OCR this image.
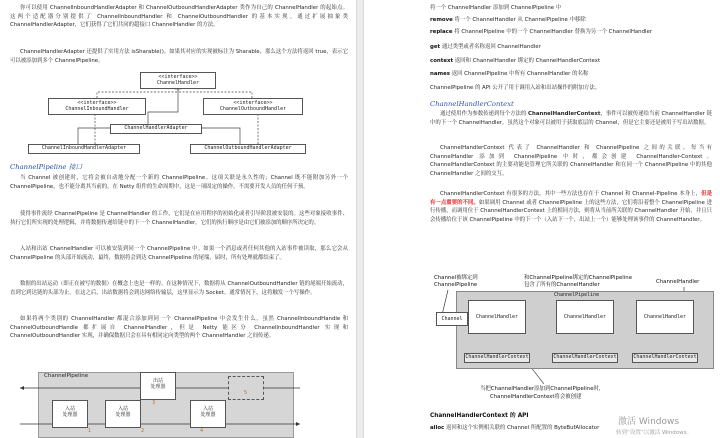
你可以使用 ChannelInboundHandlerAdapter 和 ChannelOutboundHandlerAdapter 类作为自己的 ChannelHandler 的起始点。这两个适配器分别提供了 ChannelInboundHandler 和 ChannelOutboundHandler 的基本实现。通过扩展抽象类 ChannelHandlerAdapter，它们获得了它们共同的超接口 ChannelHandler 的方法。
ChannelHandlerAdapter 还提供了实用方法 isSharable()。如果其对应的实现被标注为 Sharable，那么这个方法将返回 true，表示它可以被添加到多个 ChannelPipeline。
<<interface>>
ChannelHandler
<<interface>>
ChannelInboundHandler
<<interface>>
ChannelOutboundHandler
ChannelHandlerAdapter
ChannelInboundHandlerAdapter	ChannelOutboundHandlerAdapter
ChannelPipeline 接口
当 Channel 被创建时，它将会被自动地分配一个新的 ChannelPipeline。这项关联是永久性的；Channel 既不能附加另外一个 ChannelPipeline，也不能分离其当前的。在 Netty 组件的生命周期中，这是一项固定的操作，不需要开发人员的任何干预。
使得事件流经 ChannelPipeline 是 ChannelHandler 的工作，它们是在应用程序的初始化或者引导阶段被安装的。这些对象接收事件、执行它们所实现的处理逻辑，并将数据传递给链中的下一个 ChannelHandler。它们的执行顺序是由它们被添加的顺序所决定的。
入站和出站 ChannelHandler 可以被安装到同一个 ChannelPipeline 中。如果一个消息或者任何其他的入站事件被读取，那么它会从 ChannelPipeline 的头部开始流动，最终，数据将会到达 ChannelPipeline 的尾端，届时，所有处理就都结束了。
数据的出站运动（即正在被写的数据）在概念上也是一样的。在这种情况下，数据将从 ChannelOutboundHandler 链的尾端开始流动，直到它到达链的头部为止。在这之后，出站数据将会到达网络传输层，这里显示为 Socket。通常情况下，这将触发一个写操作。
如果将两个类别的 ChannelHandler 都混合添加到同一个 ChannelPipeline 中会发生什么。虽然 ChannelInboundHandle 和 ChannelOutboundHandle 都扩展自 ChannelHandler，但是 Netty 能区分 ChannelInboundHandler 实现和 ChannelOutboundHandler 实现，并确保数据只会在具有相同定向类型的两个 ChannelHandler 之间传递。
ChannelPipeline
出站
处理器
3
5
入站
处理器
1
入站
处理器
2
入站
处理器
4
将一个 ChannelHandler 添加到 ChannelPipeline 中
remove 将一个 ChannelHandler 从 ChannelPipeline 中移除
replace 将 ChannelPipeline 中的一个 ChannelHandler 替换为另一个 ChannelHandler
get 通过类型或者名称返回 ChannelHandler
context 返回和 ChannelHandler 绑定的 ChannelHandlerContext
names 返回 ChannelPipeline 中所有 ChannelHandler 的名称
ChannelPipeline 的 API 公开了用于调用入站和出站操作的附加方法。
ChannelHandlerContext
通过使用作为参数传递到每个方法的 ChannelHandlerContext，事件可以被传递给当前 ChannelHandler 链中的下一个 ChannelHandler。虽然这个对象可以被用于获取底层的 Channel，但是它主要还是被用于写出站数据。
ChannelHandlerContext 代表了 ChannelHandler 和 ChannelPipeline 之间的关联，每当有 ChannelHandler 添加到 ChannelPipeline 中时，都会创建 ChannelHandler-Context。ChannelHandlerContext 的主要功能是管理它所关联的 ChannelHandler 和在同一个 ChannelPipeline 中的其他 ChannelHandler 之间的交互。
ChannelHandlerContext 有很多的方法，其中一些方法也存在于 Channel 和 Channel-Pipeline 本身上，但是有一点重要的不同。如果调用 Channel 或者 ChannelPipeline 上的这些方法，它们将沿着整个 ChannelPipeline 进行传播，而调用位于 ChannelHandlerContext 上的相同方法，则将从当前所关联的 ChannelHandler 开始，并且只会传播给位于该 ChannelPipeline 中的下一个（入站下一个，出站上一个）能够处理该事件的 ChannelHandler。
Channel被绑定到
ChannelPipeline
和ChannelPipeline绑定的ChannelPipeline
包含了所有的ChannelHandler	ChannelHandler
ChannelPipeline
Channel	ChannelHandler	ChannelHandler	ChannelHandler
ChannelHandlerContext	ChannelHandlerContext	ChannelHandlerContext
当把ChannelHandler添加到ChannelPipeline时，
ChannelHandlerContext将会被创建
ChannelHandlerContext 的 API
alloc 返回和这个实例相关联的 Channel 所配置的 ByteBufAllocator
激活 Windows
转到“设置”以激活 Windows。
